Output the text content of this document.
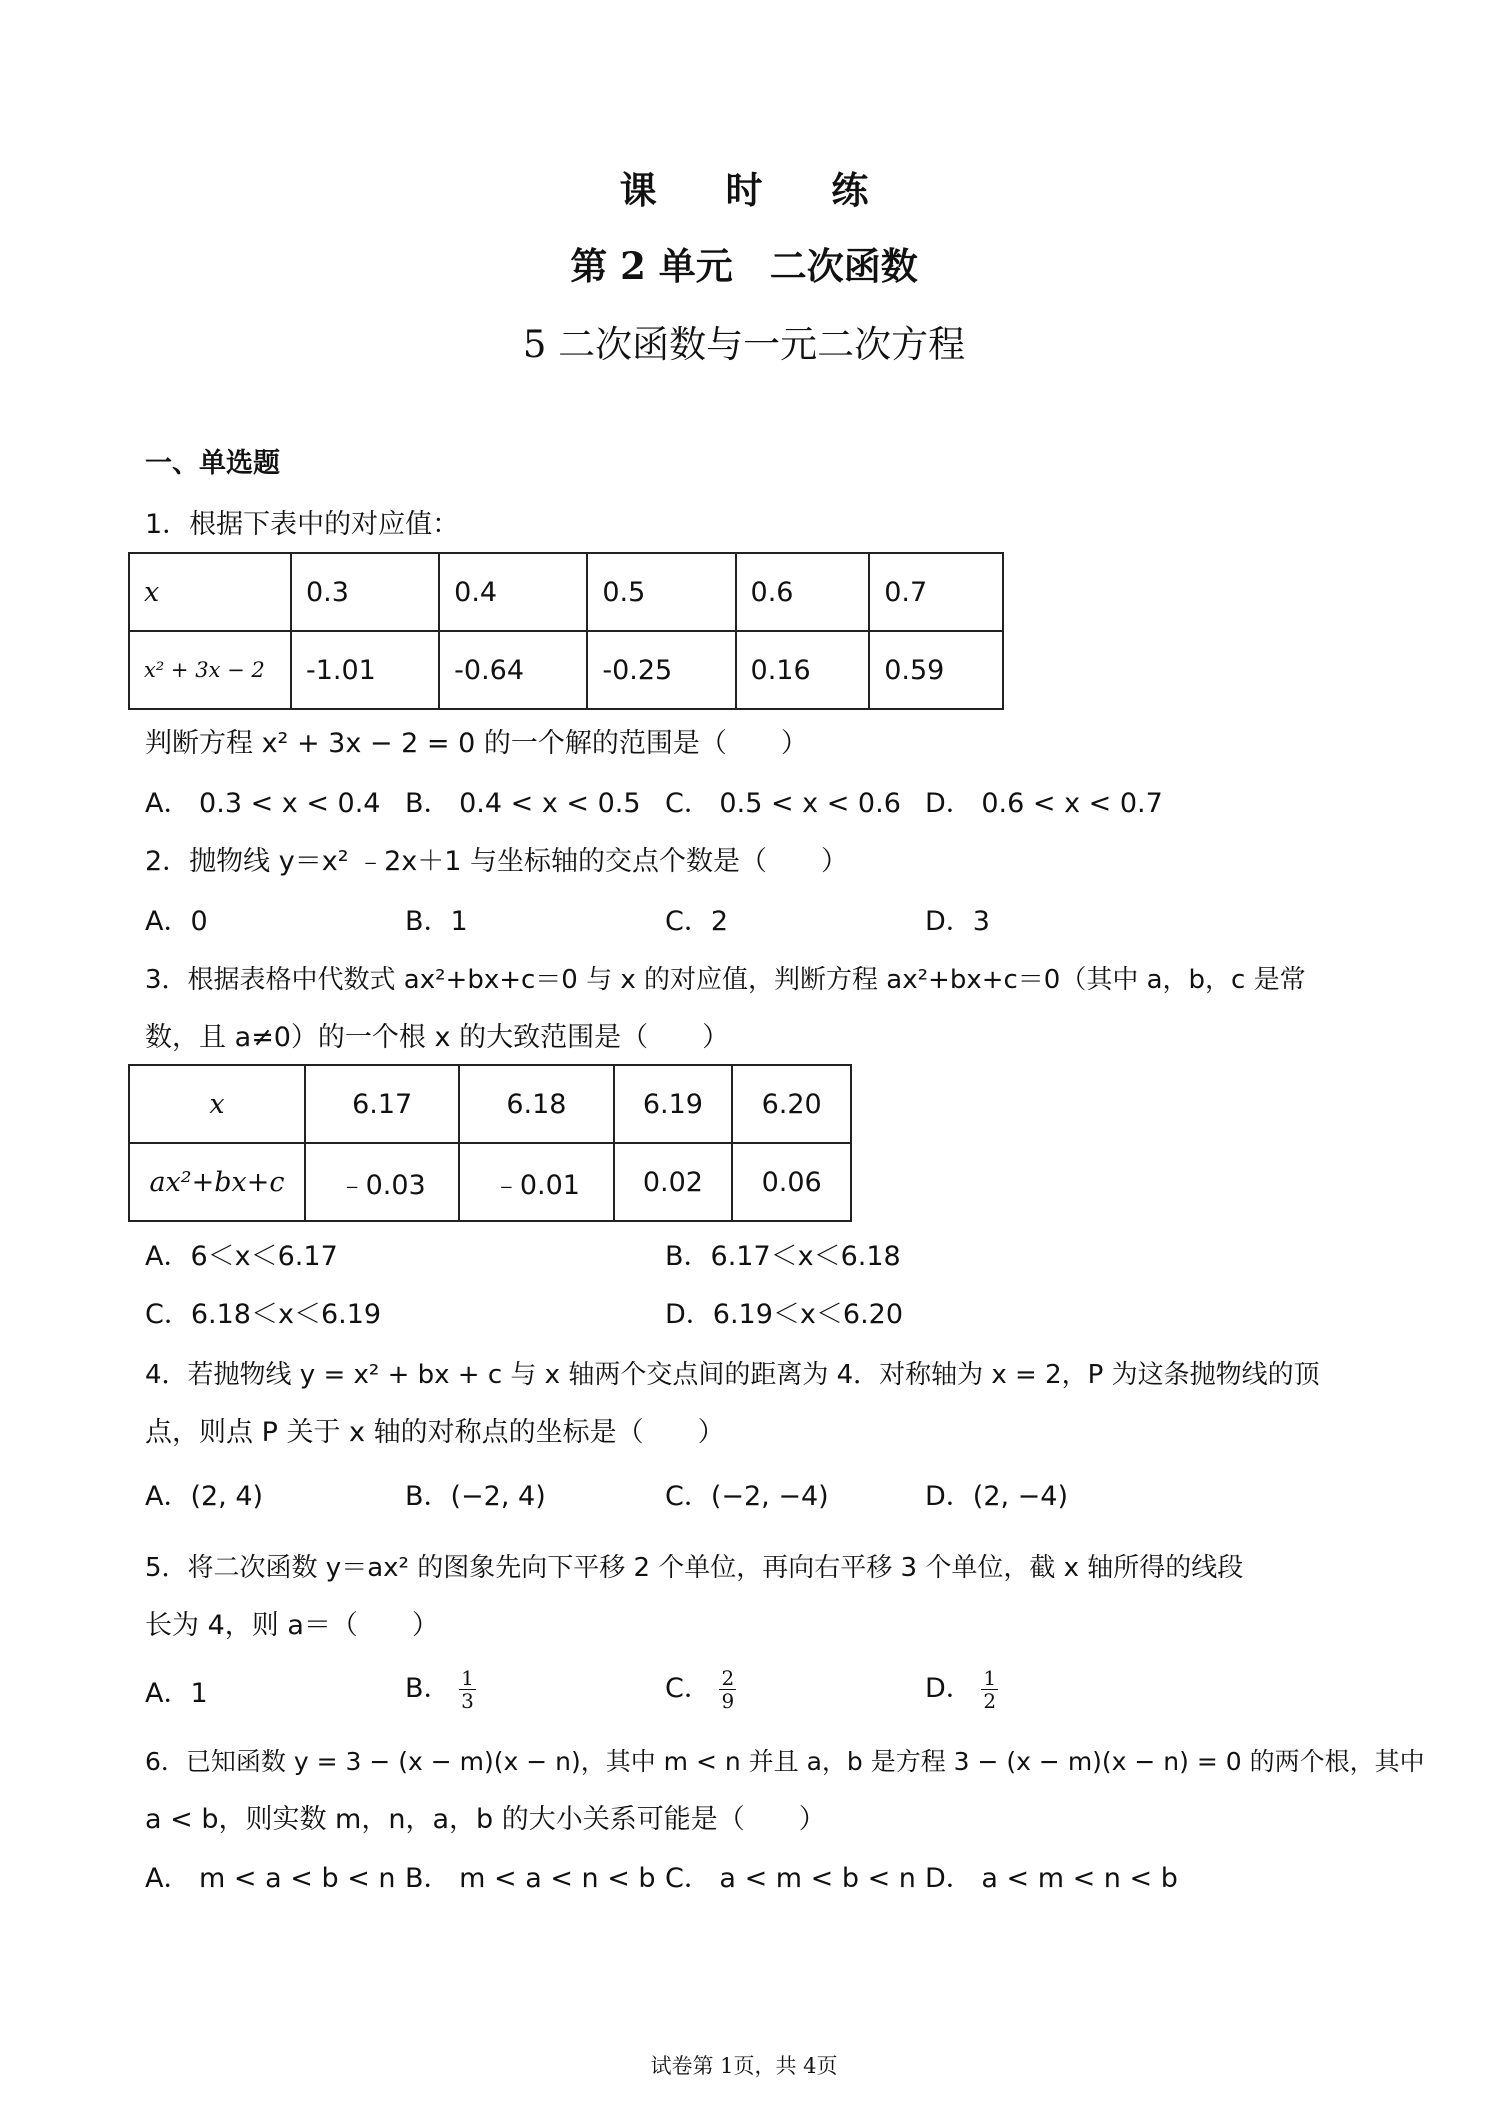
课 时 练
第 2 单元　二次函数
5 二次函数与一元二次方程
一、单选题
1．根据下表中的对应值：
x	0.3	0.4	0.5	0.6	0.7
x² + 3x − 2	-1.01	-0.64	-0.25	0.16	0.59
判断方程 x² + 3x − 2 = 0 的一个解的范围是（　　）
A． 0.3 < x < 0.4 B． 0.4 < x < 0.5 C． 0.5 < x < 0.6 D． 0.6 < x < 0.7
2．抛物线 y＝x² ﹣2x＋1 与坐标轴的交点个数是（　　）
A．0	B．1	C．2	D．3
3．根据表格中代数式 ax²+bx+c＝0 与 x 的对应值，判断方程 ax²+bx+c＝0（其中 a，b，c 是常
数，且 a≠0）的一个根 x 的大致范围是（　　）
x	6.17	6.18	6.19	6.20
ax²+bx+c	﹣0.03	﹣0.01	0.02	0.06
A．6＜x＜6.17	B．6.17＜x＜6.18
C．6.18＜x＜6.19	D．6.19＜x＜6.20
4．若抛物线 y = x² + bx + c 与 x 轴两个交点间的距离为 4．对称轴为 x = 2，P 为这条抛物线的顶
点，则点 P 关于 x 轴的对称点的坐标是（　　）
A．(2, 4)	B．(−2, 4)	C．(−2, −4)	D．(2, −4)
5．将二次函数 y＝ax² 的图象先向下平移 2 个单位，再向右平移 3 个单位，截 x 轴所得的线段
长为 4，则 a＝（　　）
A．1	B． $\frac{1}{3}$	C． $\frac{2}{9}$	D． $\frac{1}{2}$
6．已知函数 y = 3 − (x − m)(x − n)，其中 m < n 并且 a，b 是方程 3 − (x − m)(x − n) = 0 的两个根，其中
a < b，则实数 m，n，a，b 的大小关系可能是（　　）
A． m < a < b < n B． m < a < n < b C． a < m < b < n D． a < m < n < b
试卷第 1页，共 4页
